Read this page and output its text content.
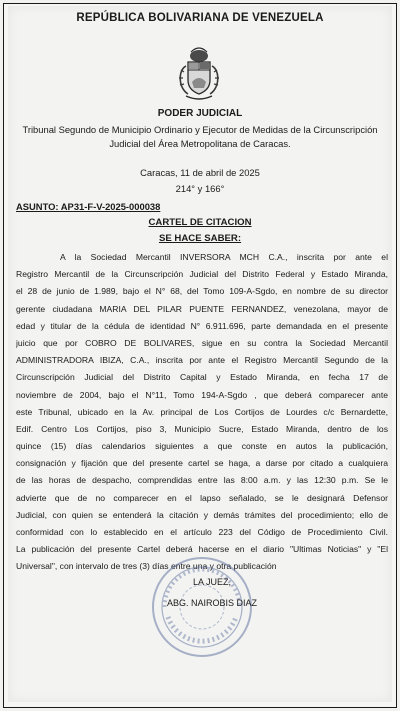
REPÚBLICA BOLIVARIANA DE VENEZUELA
PODER JUDICIAL
Tribunal Segundo de Municipio Ordinario y Ejecutor de Medidas de la Circunscripción
Judicial del Área Metropolitana de Caracas.
Caracas, 11 de abril de 2025
214° y 166°
ASUNTO: AP31-F-V-2025-000038
CARTEL DE CITACION
SE HACE SABER:
A la Sociedad Mercantil INVERSORA MCH C.A., inscrita por ante el
Registro Mercantil de la Circunscripción Judicial del Distrito Federal y Estado Miranda,
el 28 de junio de 1.989, bajo el N° 68, del Tomo 109-A-Sgdo, en nombre de su director
gerente ciudadana MARIA DEL PILAR PUENTE FERNANDEZ, venezolana, mayor de
edad y titular de la cédula de identidad N° 6.911.696, parte demandada en el presente
juicio que por COBRO DE BOLIVARES, sigue en su contra la Sociedad Mercantil
ADMINISTRADORA IBIZA, C.A., inscrita por ante el Registro Mercantil Segundo de la
Circunscripción Judicial del Distrito Capital y Estado Miranda, en fecha 17 de
noviembre de 2004, bajo el N°11, Tomo 194-A-Sgdo , que deberá comparecer ante
este Tribunal, ubicado en la Av. principal de Los Cortijos de Lourdes c/c Bernardette,
Edif. Centro Los Cortijos, piso 3, Municipio Sucre, Estado Miranda, dentro de los
quince (15) días calendarios siguientes a que conste en autos la publicación,
consignación y fijación que del presente cartel se haga, a darse por citado a cualquiera
de las horas de despacho, comprendidas entre las 8:00 a.m. y las 12:30 p.m. Se le
advierte que de no comparecer en el lapso señalado, se le designará Defensor
Judicial, con quien se entenderá la citación y demás trámites del procedimiento; ello de
conformidad con lo establecido en el artículo 223 del Código de Procedimiento Civil.
La publicación del presente Cartel deberá hacerse en el diario "Ultimas Noticias" y "El
Universal", con intervalo de tres (3) días entre una y otra publicación
LA JUEZ,
ABG. NAIROBIS DIAZ
